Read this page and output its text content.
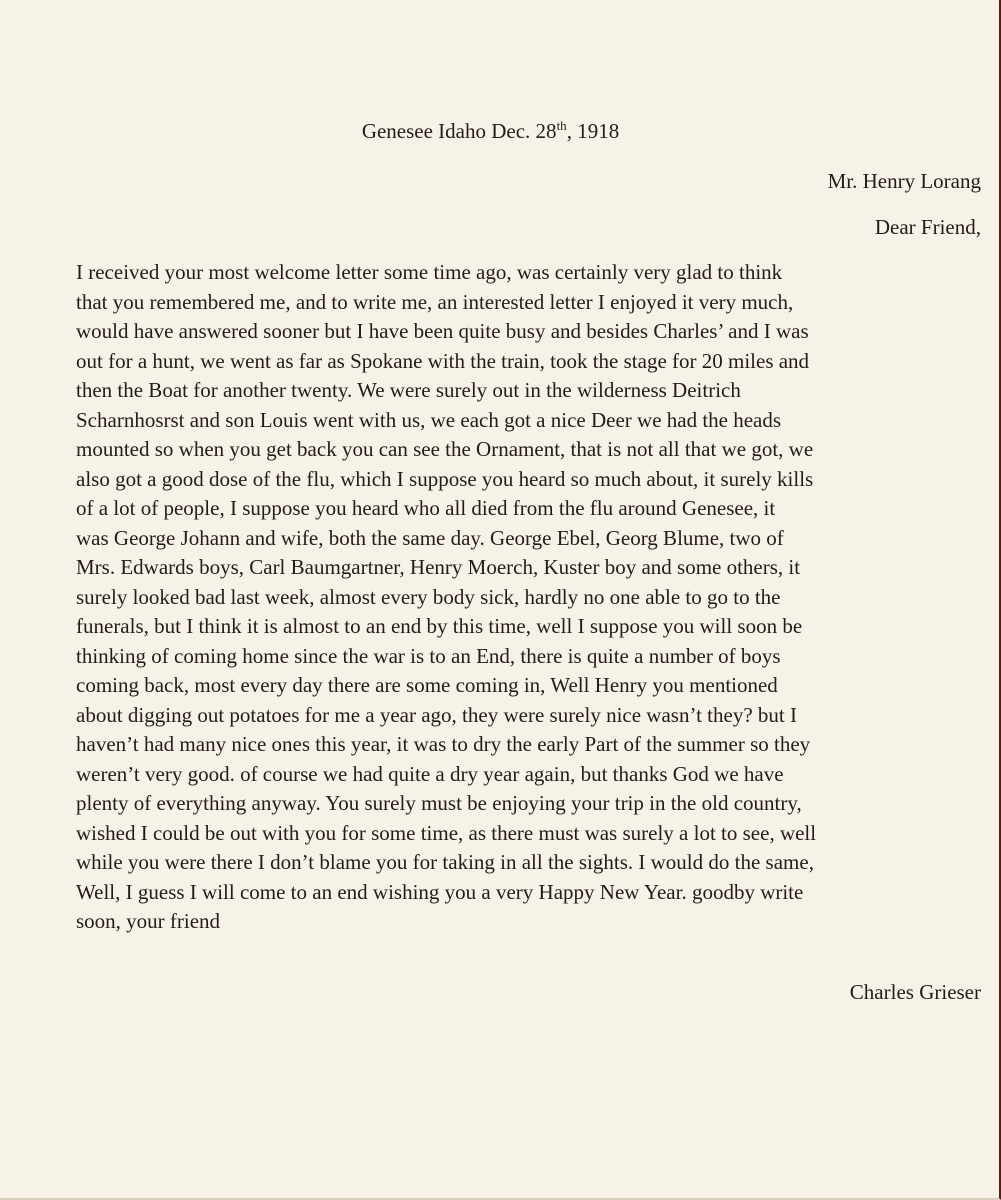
Genesee Idaho Dec. 28th, 1918
Mr. Henry Lorang
Dear Friend,
I received your most welcome letter some time ago, was certainly very glad to think
that you remembered me, and to write me, an interested letter I enjoyed it very much,
would have answered sooner but I have been quite busy and besides Charles’ and I was
out for a hunt, we went as far as Spokane with the train, took the stage for 20 miles and
then the Boat for another twenty. We were surely out in the wilderness Deitrich
Scharnhosrst and son Louis went with us, we each got a nice Deer we had the heads
mounted so when you get back you can see the Ornament, that is not all that we got, we
also got a good dose of the flu, which I suppose you heard so much about, it surely kills
of a lot of people, I suppose you heard who all died from the flu around Genesee, it
was George Johann and wife, both the same day. George Ebel, Georg Blume, two of
Mrs. Edwards boys, Carl Baumgartner, Henry Moerch, Kuster boy and some others, it
surely looked bad last week, almost every body sick, hardly no one able to go to the
funerals, but I think it is almost to an end by this time, well I suppose you will soon be
thinking of coming home since the war is to an End, there is quite a number of boys
coming back, most every day there are some coming in, Well Henry you mentioned
about digging out potatoes for me a year ago, they were surely nice wasn’t they? but I
haven’t had many nice ones this year, it was to dry the early Part of the summer so they
weren’t very good. of course we had quite a dry year again, but thanks God we have
plenty of everything anyway. You surely must be enjoying your trip in the old country,
wished I could be out with you for some time, as there must was surely a lot to see, well
while you were there I don’t blame you for taking in all the sights. I would do the same,
Well, I guess I will come to an end wishing you a very Happy New Year. goodby write
soon, your friend
Charles Grieser
